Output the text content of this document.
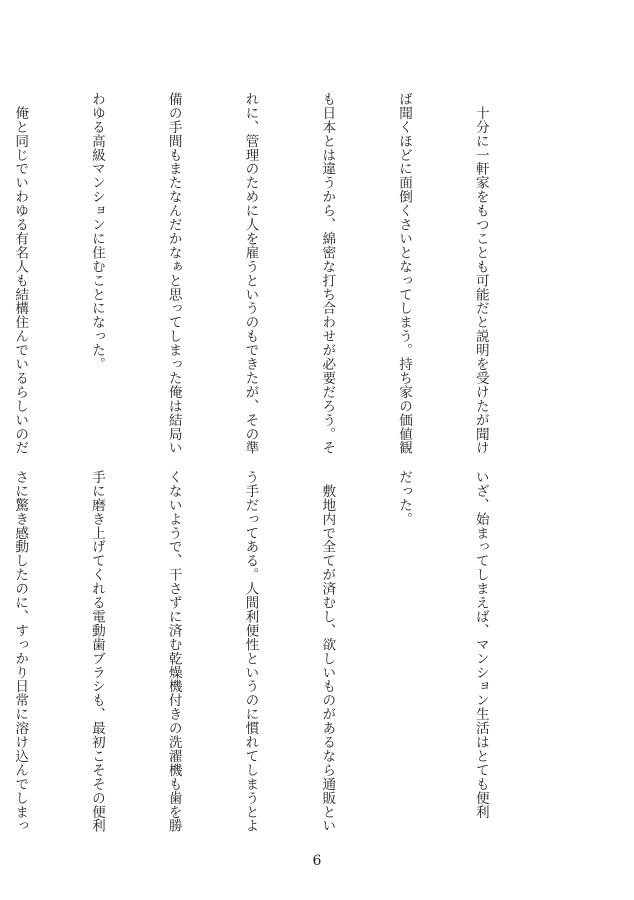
　十分に一軒家をもつことも可能だと説明を受けたが聞け

ば聞くほどに面倒くさいとなってしまう。持ち家の価値観

も日本とは違うから、綿密な打ち合わせが必要だろう。そ

れに、管理のために人を雇うというのもできたが、その準

備の手間もまたなんだかなぁと思ってしまった俺は結局い

わゆる高級マンションに住むことになった。

　俺と同じでいわゆる有名人も結構住んでいるらしいのだ

いざ、始まってしまえば、マンション生活はとても便利

だった。

　敷地内で全てが済むし、欲しいものがあるなら通販とい

う手だってある。人間利便性というのに慣れてしまうとよ

くないようで、干さずに済む乾燥機付きの洗濯機も歯を勝

手に磨き上げてくれる電動歯ブラシも、最初こそその便利

さに驚き感動したのに、すっかり日常に溶け込んでしまっ

6
